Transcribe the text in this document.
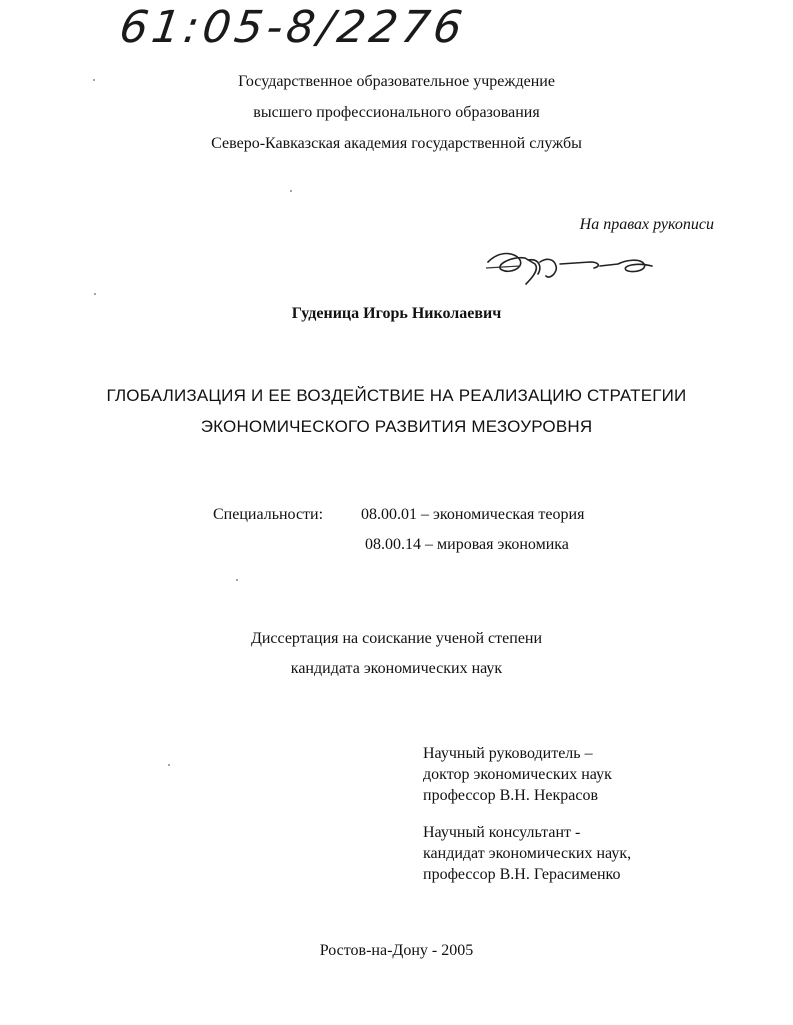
61:05-8/2276
Государственное образовательное учреждение
высшего профессионального образования
Северо-Кавказская академия государственной службы
На правах рукописи
Гуденица Игорь Николаевич
ГЛОБАЛИЗАЦИЯ И ЕЕ ВОЗДЕЙСТВИЕ НА РЕАЛИЗАЦИЮ СТРАТЕГИИ
ЭКОНОМИЧЕСКОГО РАЗВИТИЯ МЕЗОУРОВНЯ
Специальности: 08.00.01 – экономическая теория
08.00.14 – мировая экономика
Диссертация на соискание ученой степени
кандидата экономических наук
Научный руководитель –
доктор экономических наук
профессор В.Н. Некрасов
Научный консультант -
кандидат экономических наук,
профессор В.Н. Герасименко
Ростов-на-Дону - 2005
